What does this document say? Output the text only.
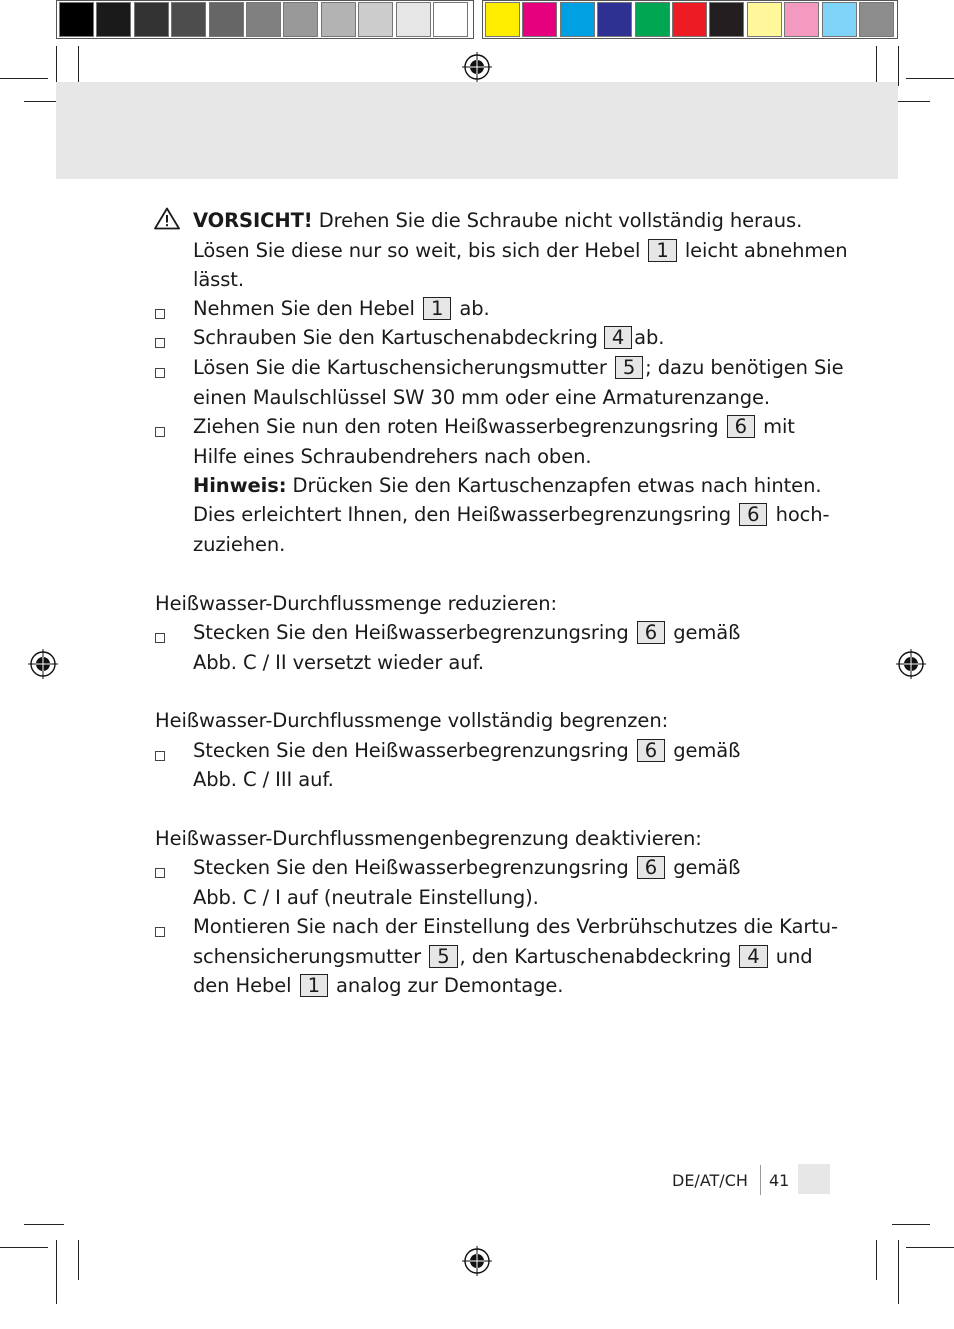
VORSICHT! Drehen Sie die Schraube nicht vollständig heraus.
Lösen Sie diese nur so weit, bis sich der Hebel 1 leicht abnehmen
lässt.
Nehmen Sie den Hebel 1 ab.
Schrauben Sie den Kartuschenabdeckring 4 ab.
Lösen Sie die Kartuschensicherungsmutter 5 ; dazu benötigen Sie
einen Maulschlüssel SW 30 mm oder eine Armaturenzange.
Ziehen Sie nun den roten Heißwasserbegrenzungsring 6 mit
Hilfe eines Schraubendrehers nach oben.
Hinweis: Drücken Sie den Kartuschenzapfen etwas nach hinten.
Dies erleichtert Ihnen, den Heißwasserbegrenzungsring 6 hoch-
zuziehen.
Heißwasser-Durchflussmenge reduzieren:
Stecken Sie den Heißwasserbegrenzungsring 6 gemäß
Abb. C / II versetzt wieder auf.
Heißwasser-Durchflussmenge vollständig begrenzen:
Stecken Sie den Heißwasserbegrenzungsring 6 gemäß
Abb. C / III auf.
Heißwasser-Durchflussmengenbegrenzung deaktivieren:
Stecken Sie den Heißwasserbegrenzungsring 6 gemäß
Abb. C / I auf (neutrale Einstellung).
Montieren Sie nach der Einstellung des Verbrühschutzes die Kartu-
schensicherungsmutter 5 , den Kartuschenabdeckring 4 und
den Hebel 1 analog zur Demontage.
DE/AT/CH 41
